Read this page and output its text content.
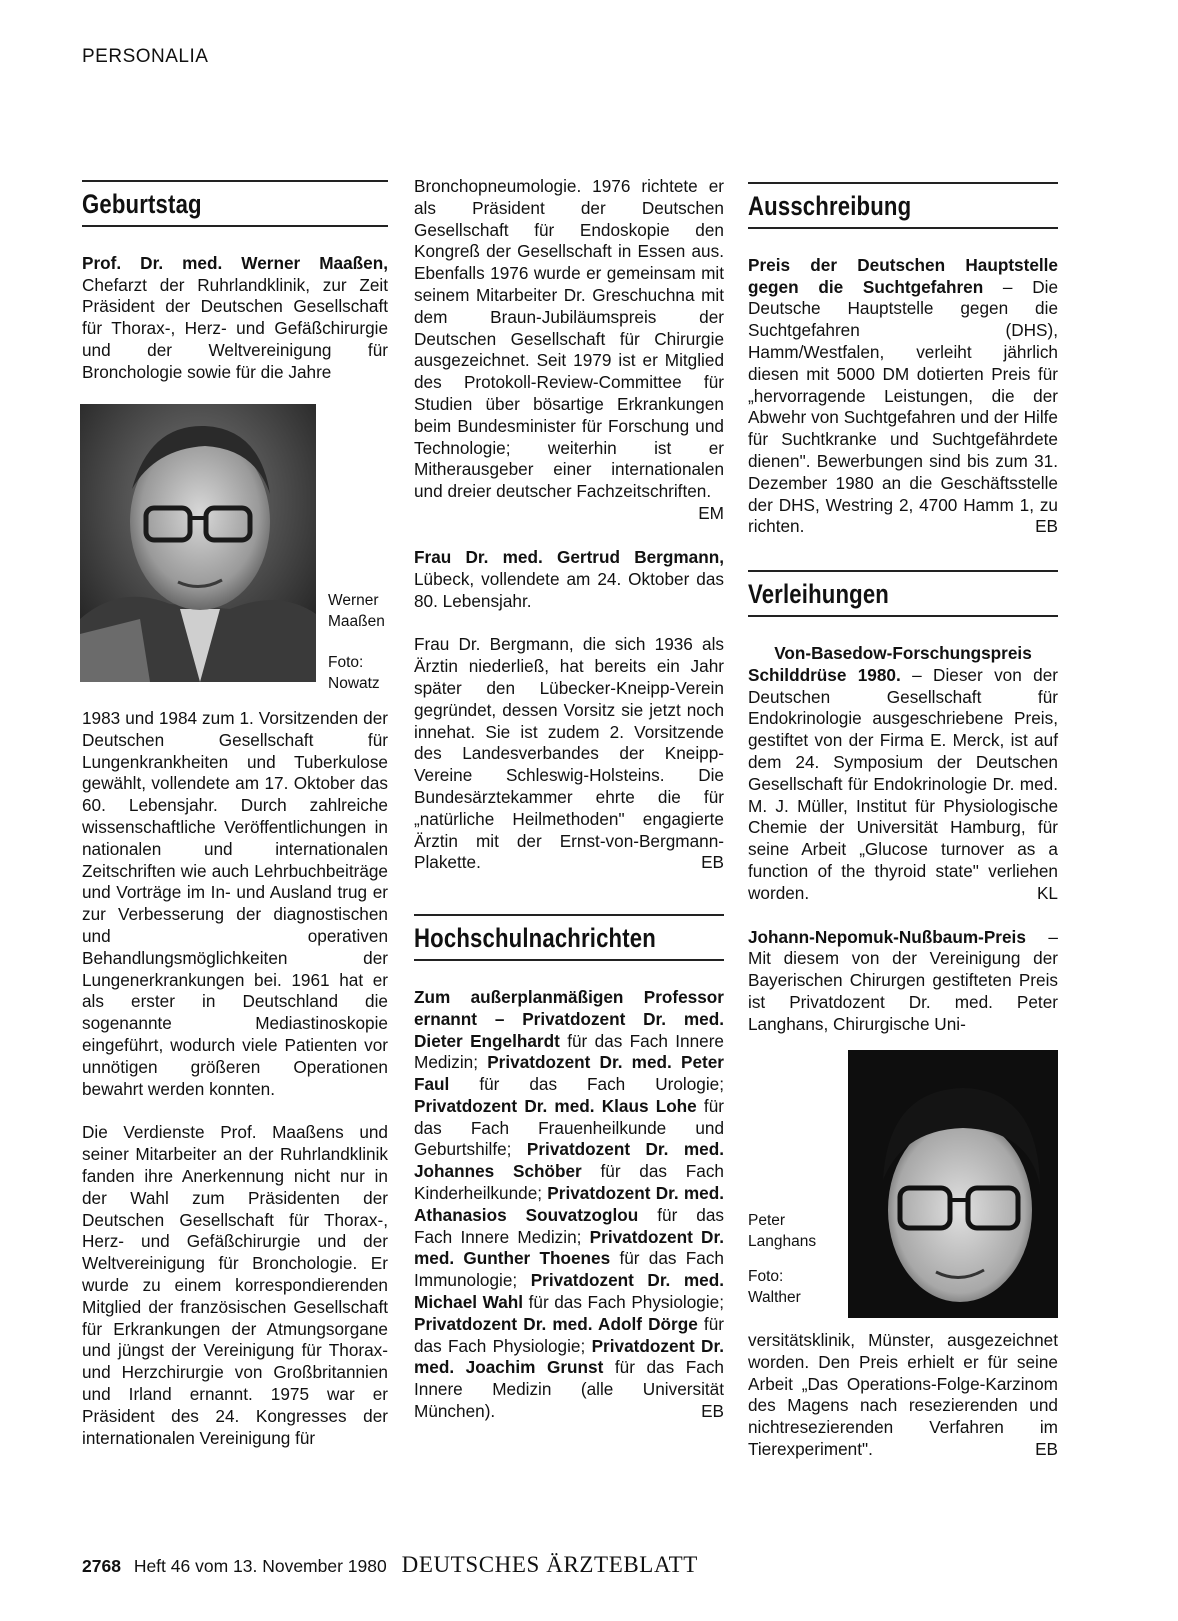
PERSONALIA
Geburtstag

Prof. Dr. med. Werner Maaßen, Chefarzt der Ruhrlandklinik, zur Zeit Präsident der Deutschen Gesellschaft für Thorax-, Herz- und Gefäßchirurgie und der Weltvereinigung für Bronchologie sowie für die Jahre

Werner Maaßen
Foto: Nowatz

1983 und 1984 zum 1. Vorsitzenden der Deutschen Gesellschaft für Lungenkrankheiten und Tuberkulose gewählt, vollendete am 17. Oktober das 60. Lebensjahr. Durch zahlreiche wissenschaftliche Veröffentlichungen in nationalen und internationalen Zeitschriften wie auch Lehrbuchbeiträge und Vorträge im In- und Ausland trug er zur Verbesserung der diagnostischen und operativen Behandlungsmöglichkeiten der Lungenerkrankungen bei. 1961 hat er als erster in Deutschland die sogenannte Mediastinoskopie eingeführt, wodurch viele Patienten vor unnötigen größeren Operationen bewahrt werden konnten.

Die Verdienste Prof. Maaßens und seiner Mitarbeiter an der Ruhrlandklinik fanden ihre Anerkennung nicht nur in der Wahl zum Präsidenten der Deutschen Gesellschaft für Thorax-, Herz- und Gefäßchirurgie und der Weltvereinigung für Bronchologie. Er wurde zu einem korrespondierenden Mitglied der französischen Gesellschaft für Erkrankungen der Atmungsorgane und jüngst der Vereinigung für Thorax- und Herzchirurgie von Großbritannien und Irland ernannt. 1975 war er Präsident des 24. Kongresses der internationalen Vereinigung für

Bronchopneumologie. 1976 richtete er als Präsident der Deutschen Gesellschaft für Endoskopie den Kongreß der Gesellschaft in Essen aus. Ebenfalls 1976 wurde er gemeinsam mit seinem Mitarbeiter Dr. Greschuchna mit dem Braun-Jubiläumspreis der Deutschen Gesellschaft für Chirurgie ausgezeichnet. Seit 1979 ist er Mitglied des Protokoll-Review-Committee für Studien über bösartige Erkrankungen beim Bundesminister für Forschung und Technologie; weiterhin ist er Mitherausgeber einer internationalen und dreier deutscher Fachzeitschriften.
EM

Frau Dr. med. Gertrud Bergmann, Lübeck, vollendete am 24. Oktober das 80. Lebensjahr.

Frau Dr. Bergmann, die sich 1936 als Ärztin niederließ, hat bereits ein Jahr später den Lübecker-Kneipp-Verein gegründet, dessen Vorsitz sie jetzt noch innehat. Sie ist zudem 2. Vorsitzende des Landesverbandes der Kneipp-Vereine Schleswig-Holsteins. Die Bundesärztekammer ehrte die für „natürliche Heilmethoden" engagierte Ärztin mit der Ernst-von-Bergmann-Plakette.	EB

Hochschulnachrichten

Zum außerplanmäßigen Professor ernannt – Privatdozent Dr. med. Dieter Engelhardt für das Fach Innere Medizin; Privatdozent Dr. med. Peter Faul für das Fach Urologie; Privatdozent Dr. med. Klaus Lohe für das Fach Frauenheilkunde und Geburtshilfe; Privatdozent Dr. med. Johannes Schöber für das Fach Kinderheilkunde; Privatdozent Dr. med. Athanasios Souvatzoglou für das Fach Innere Medizin; Privatdozent Dr. med. Gunther Thoenes für das Fach Immunologie; Privatdozent Dr. med. Michael Wahl für das Fach Physiologie; Privatdozent Dr. med. Adolf Dörge für das Fach Physiologie; Privatdozent Dr. med. Joachim Grunst für das Fach Innere Medizin (alle Universität München).	EB

Ausschreibung

Preis der Deutschen Hauptstelle gegen die Suchtgefahren – Die Deutsche Hauptstelle gegen die Suchtgefahren (DHS), Hamm/Westfalen, verleiht jährlich diesen mit 5000 DM dotierten Preis für „hervorragende Leistungen, die der Abwehr von Suchtgefahren und der Hilfe für Suchtkranke und Suchtgefährdete dienen". Bewerbungen sind bis zum 31. Dezember 1980 an die Geschäftsstelle der DHS, Westring 2, 4700 Hamm 1, zu richten.	EB

Verleihungen

Von-Basedow-Forschungspreis

Schilddrüse 1980. – Dieser von der Deutschen Gesellschaft für Endokrinologie ausgeschriebene Preis, gestiftet von der Firma E. Merck, ist auf dem 24. Symposium der Deutschen Gesellschaft für Endokrinologie Dr. med. M. J. Müller, Institut für Physiologische Chemie der Universität Hamburg, für seine Arbeit „Glucose turnover as a function of the thyroid state" verliehen worden.	KL

Johann-Nepomuk-Nußbaum-Preis – Mit diesem von der Vereinigung der Bayerischen Chirurgen gestifteten Preis ist Privatdozent Dr. med. Peter Langhans, Chirurgische Uni-

Peter Langhans
Foto: Walther

versitätsklinik, Münster, ausgezeichnet worden. Den Preis erhielt er für seine Arbeit „Das Operations-Folge-Karzinom des Magens nach resezierenden und nichtresezierenden Verfahren im Tierexperiment".	EB

2768 Heft 46 vom 13. November 1980 DEUTSCHES ÄRZTEBLATT
